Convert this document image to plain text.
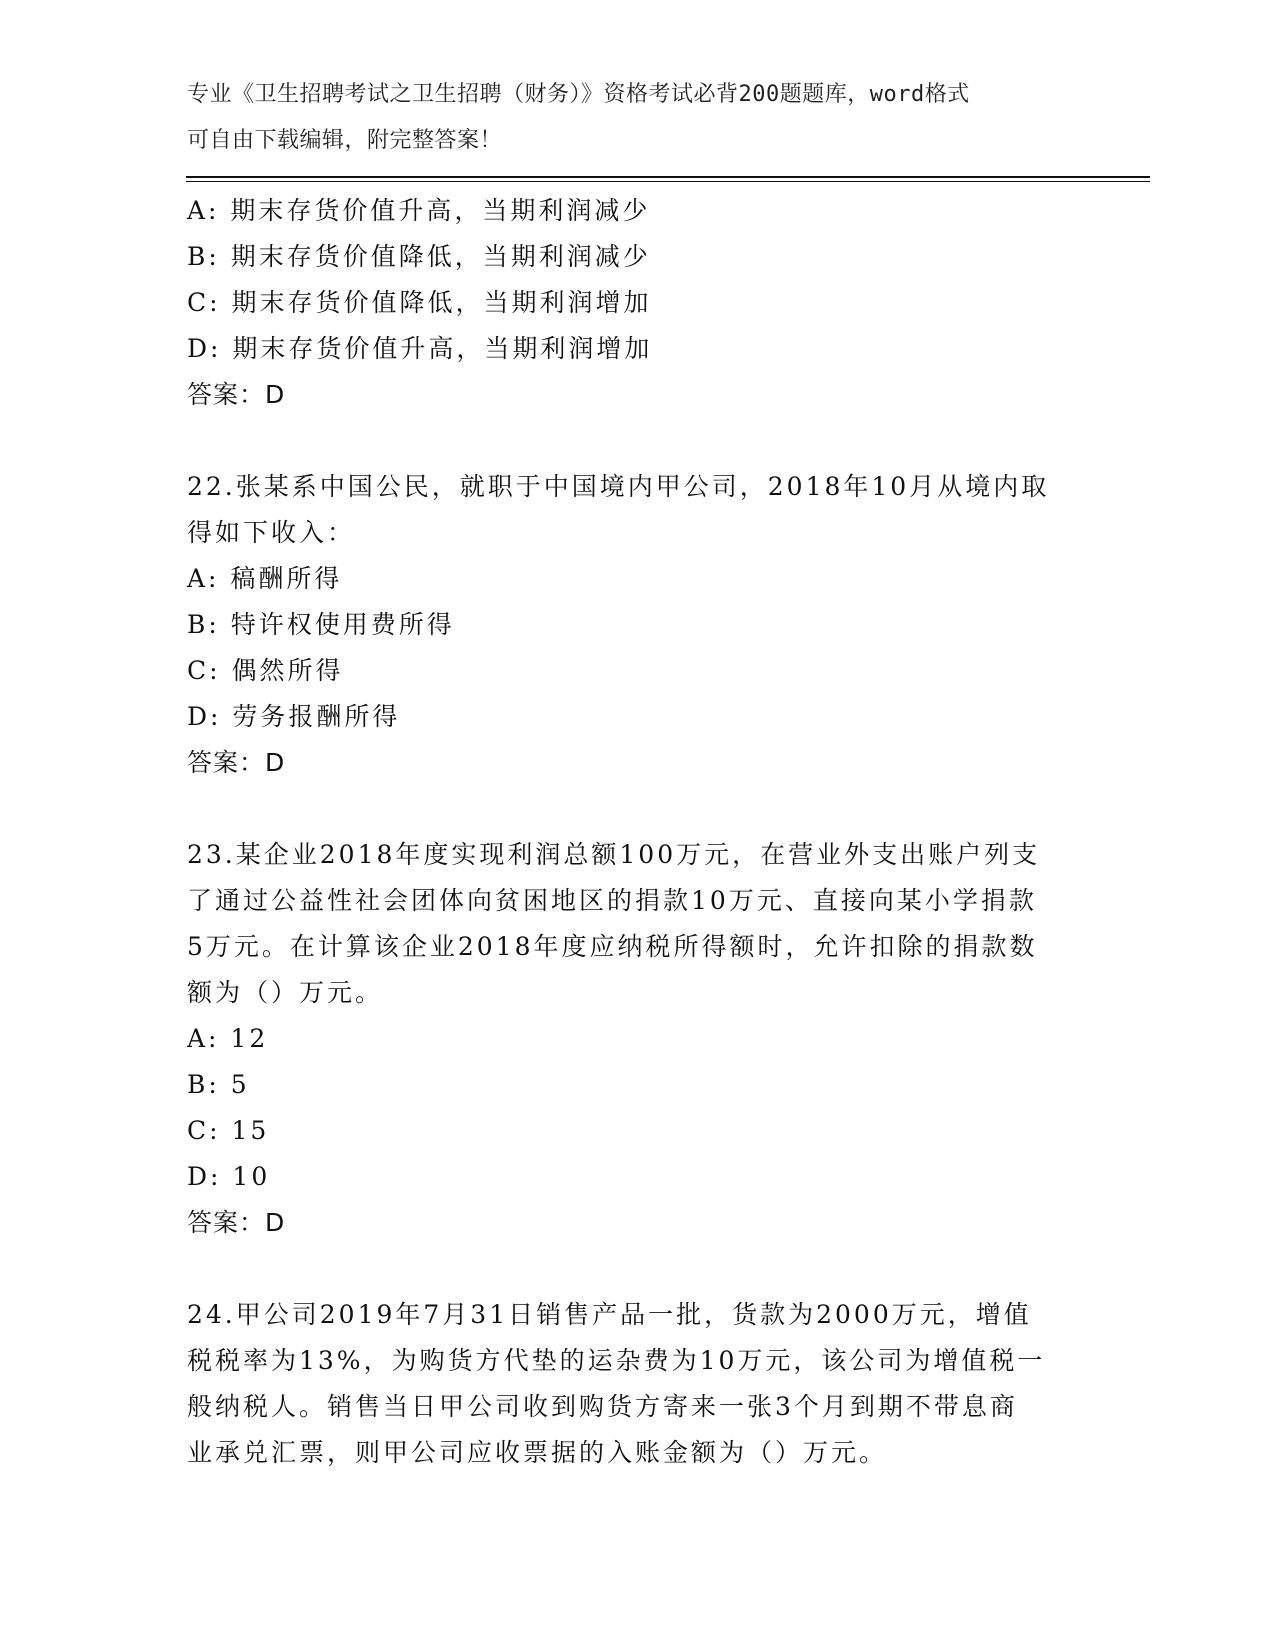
专业《卫生招聘考试之卫生招聘（财务）》资格考试必背200题题库，word格式
可自由下载编辑，附完整答案！
A: 期末存货价值升高，当期利润减少
B: 期末存货价值降低，当期利润减少
C: 期末存货价值降低，当期利润增加
D: 期末存货价值升高，当期利润增加
答案：D
22.张某系中国公民，就职于中国境内甲公司，2018年10月从境内取
得如下收入：
A: 稿酬所得
B: 特许权使用费所得
C: 偶然所得
D: 劳务报酬所得
答案：D
23.某企业2018年度实现利润总额100万元，在营业外支出账户列支
了通过公益性社会团体向贫困地区的捐款10万元、直接向某小学捐款
5万元。在计算该企业2018年度应纳税所得额时，允许扣除的捐款数
额为（）万元。
A: 12
B: 5
C: 15
D: 10
答案：D
24.甲公司2019年7月31日销售产品一批，货款为2000万元，增值
税税率为13%，为购货方代垫的运杂费为10万元，该公司为增值税一
般纳税人。销售当日甲公司收到购货方寄来一张3个月到期不带息商
业承兑汇票，则甲公司应收票据的入账金额为（）万元。
